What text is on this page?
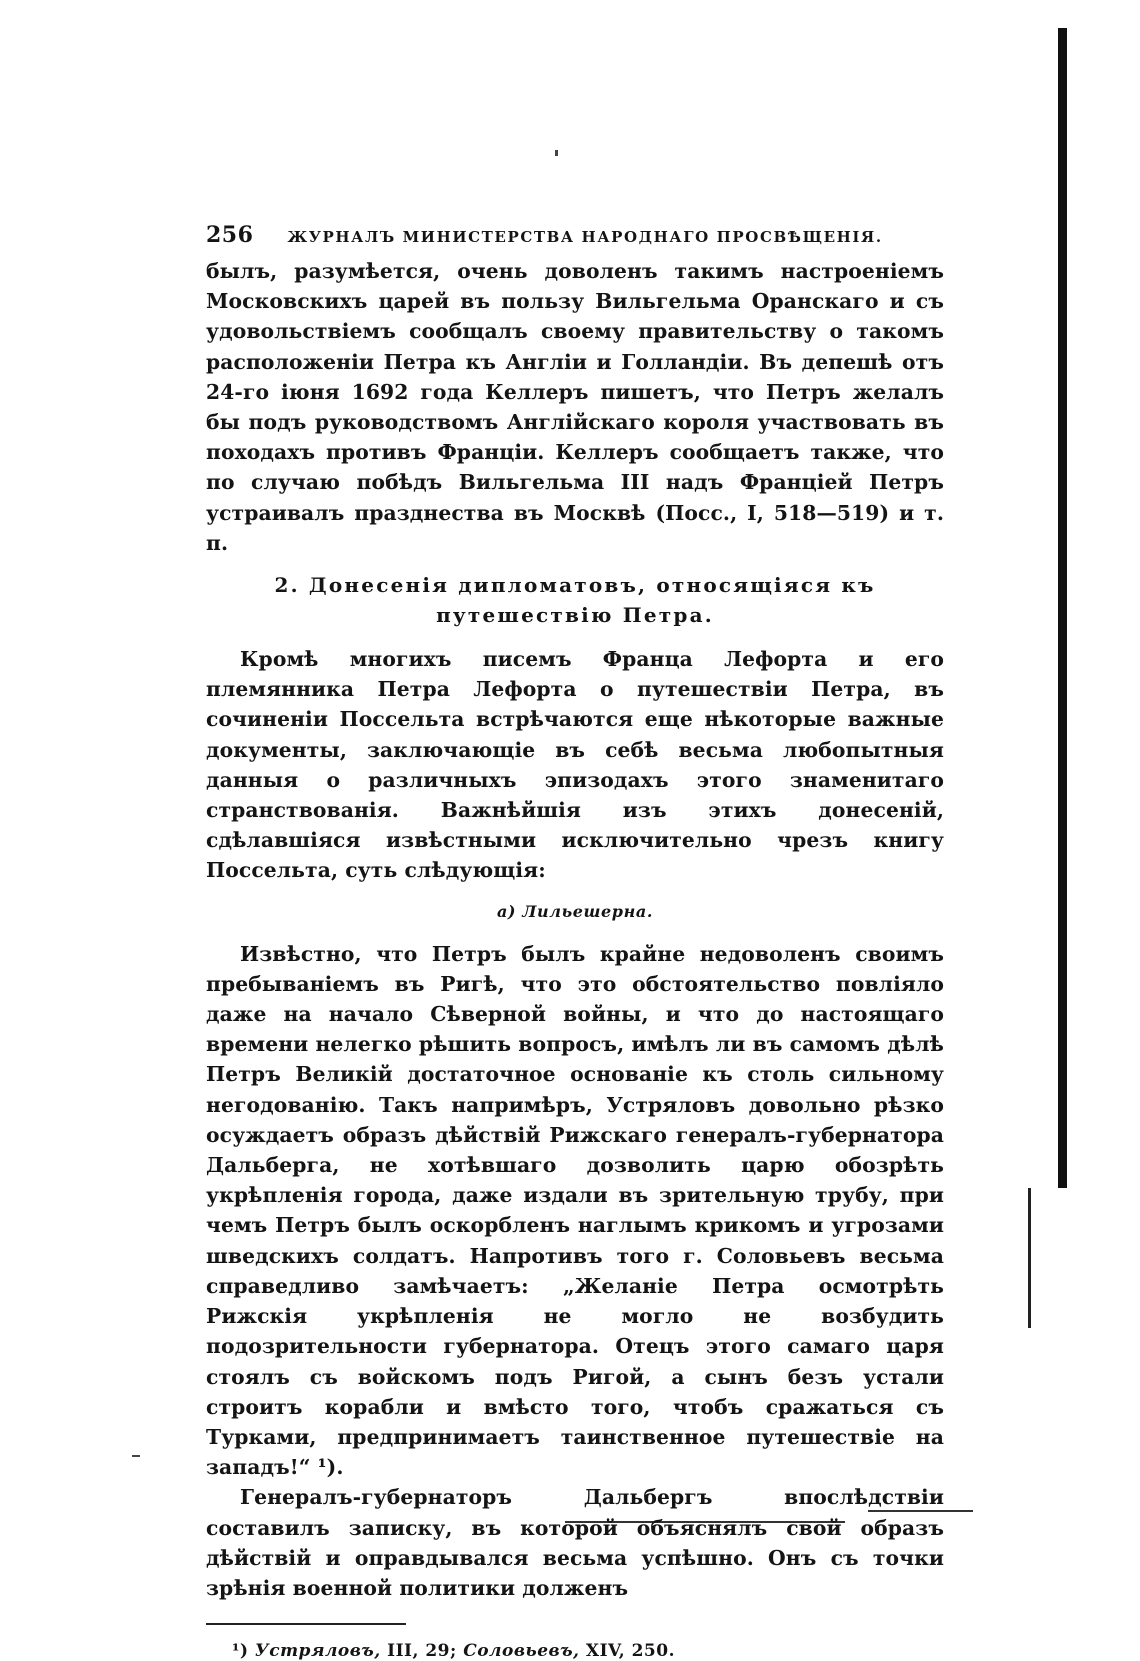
256 ЖУРНАЛЪ МИНИСТЕРСТВА НАРОДНАГО ПРОСВѢЩЕНІЯ.

былъ, разумѣется, очень доволенъ такимъ настроеніемъ Московскихъ царей въ пользу Вильгельма Оранскаго и съ удовольствіемъ сообщалъ своему правительству о такомъ расположеніи Петра къ Англіи и Голландіи. Въ депешѣ отъ 24-го іюня 1692 года Келлеръ пишетъ, что Петръ желалъ бы подъ руководствомъ Англійскаго короля участвовать въ походахъ противъ Франціи. Келлеръ сообщаетъ также, что по случаю побѣдъ Вильгельма III надъ Франціей Петръ устраивалъ празднества въ Москвѣ (Посс., I, 518—519) и т. п.

2. Донесенія дипломатовъ, относящіяся къ путешествію Петра.

Кромѣ многихъ писемъ Франца Лефорта и его племянника Петра Лефорта о путешествіи Петра, въ сочиненіи Поссельта встрѣчаются еще нѣкоторые важные документы, заключающіе въ себѣ весьма любопытныя данныя о различныхъ эпизодахъ этого знаменитаго странствованія. Важнѣйшія изъ этихъ донесеній, сдѣлавшіяся извѣстными исключительно чрезъ книгу Поссельта, суть слѣдующія:

а) Лильешерна.

Извѣстно, что Петръ былъ крайне недоволенъ своимъ пребываніемъ въ Ригѣ, что это обстоятельство повліяло даже на начало Сѣверной войны, и что до настоящаго времени нелегко рѣшить вопросъ, имѣлъ ли въ самомъ дѣлѣ Петръ Великій достаточное основаніе къ столь сильному негодованію. Такъ напримѣръ, Устряловъ довольно рѣзко осуждаетъ образъ дѣйствій Рижскаго генералъ-губернатора Дальберга, не хотѣвшаго дозволить царю обозрѣть укрѣпленія города, даже издали въ зрительную трубу, при чемъ Петръ былъ оскорбленъ наглымъ крикомъ и угрозами шведскихъ солдатъ. Напротивъ того г. Соловьевъ весьма справедливо замѣчаетъ: „Желаніе Петра осмотрѣть Рижскія укрѣпленія не могло не возбудить подозрительности губернатора. Отецъ этого самаго царя стоялъ съ войскомъ подъ Ригой, а сынъ безъ устали строитъ корабли и вмѣсто того, чтобъ сражаться съ Турками, предпринимаетъ таинственное путешествіе на западъ!“ ¹).

Генералъ-губернаторъ Дальбергъ впослѣдствіи составилъ записку, въ которой объяснялъ свой образъ дѣйствій и оправдывался весьма успѣшно. Онъ съ точки зрѣнія военной политики долженъ

¹) Устряловъ, III, 29; Соловьевъ, XIV, 250.
